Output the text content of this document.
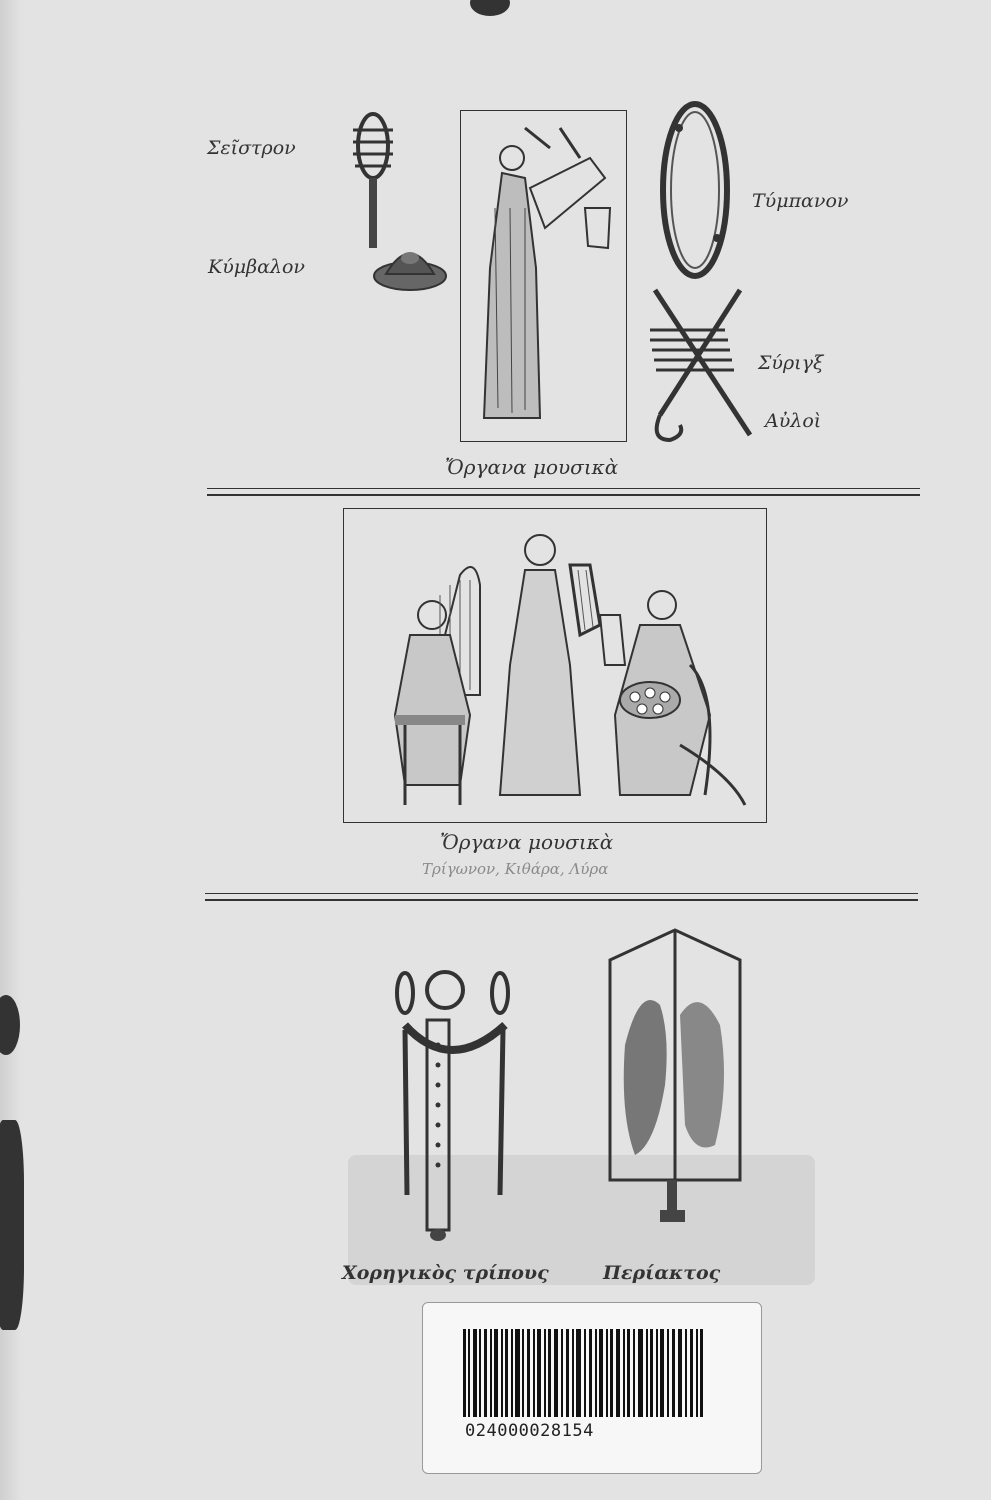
Σεῖστρον
Κύμβαλον
Τύμπανον
Σύριγξ
Αὐλοὶ
Ὄργανα μουσικὰ
Ὄργανα μουσικὰ
Τρίγωνον, Κιθάρα, Λύρα
Χορηγικὸς τρίπους	Περίακτος
024000028154
